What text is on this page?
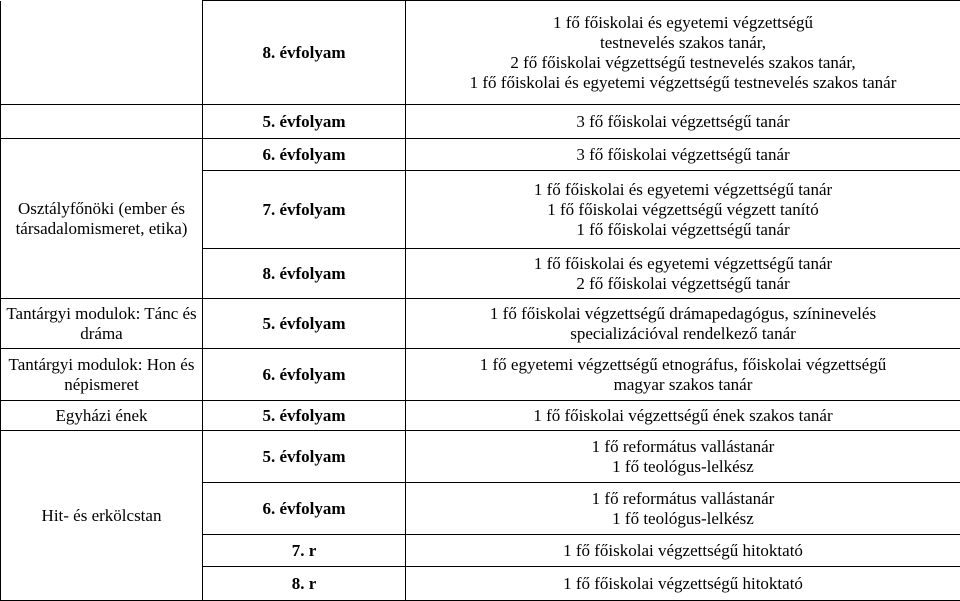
	8. évfolyam	1 fő főiskolai és egyetemi végzettségű
testnevelés szakos tanár,
2 fő főiskolai végzettségű testnevelés szakos tanár,
1 fő főiskolai és egyetemi végzettségű testnevelés szakos tanár

	5. évfolyam	3 fő főiskolai végzettségű tanár

Osztályfőnöki (ember és társadalomismeret, etika)	6. évfolyam	3 fő főiskolai végzettségű tanár

	7. évfolyam	1 fő főiskolai és egyetemi végzettségű tanár
1 fő főiskolai végzettségű végzett tanító
1 fő főiskolai végzettségű tanár

	8. évfolyam	1 fő főiskolai és egyetemi végzettségű tanár
2 fő főiskolai végzettségű tanár

Tantárgyi modulok: Tánc és dráma	5. évfolyam	1 fő főiskolai végzettségű drámapedagógus, színinevelés
specializációval rendelkező tanár

Tantárgyi modulok: Hon és népismeret	6. évfolyam	1 fő egyetemi végzettségű etnográfus, főiskolai végzettségű
magyar szakos tanár

Egyházi ének	5. évfolyam	1 fő főiskolai végzettségű ének szakos tanár

Hit- és erkölcstan	5. évfolyam	1 fő református vallástanár
1 fő teológus-lelkész

	6. évfolyam	1 fő református vallástanár
1 fő teológus-lelkész

	7. r	1 fő főiskolai végzettségű hitoktató

	8. r	1 fő főiskolai végzettségű hitoktató
